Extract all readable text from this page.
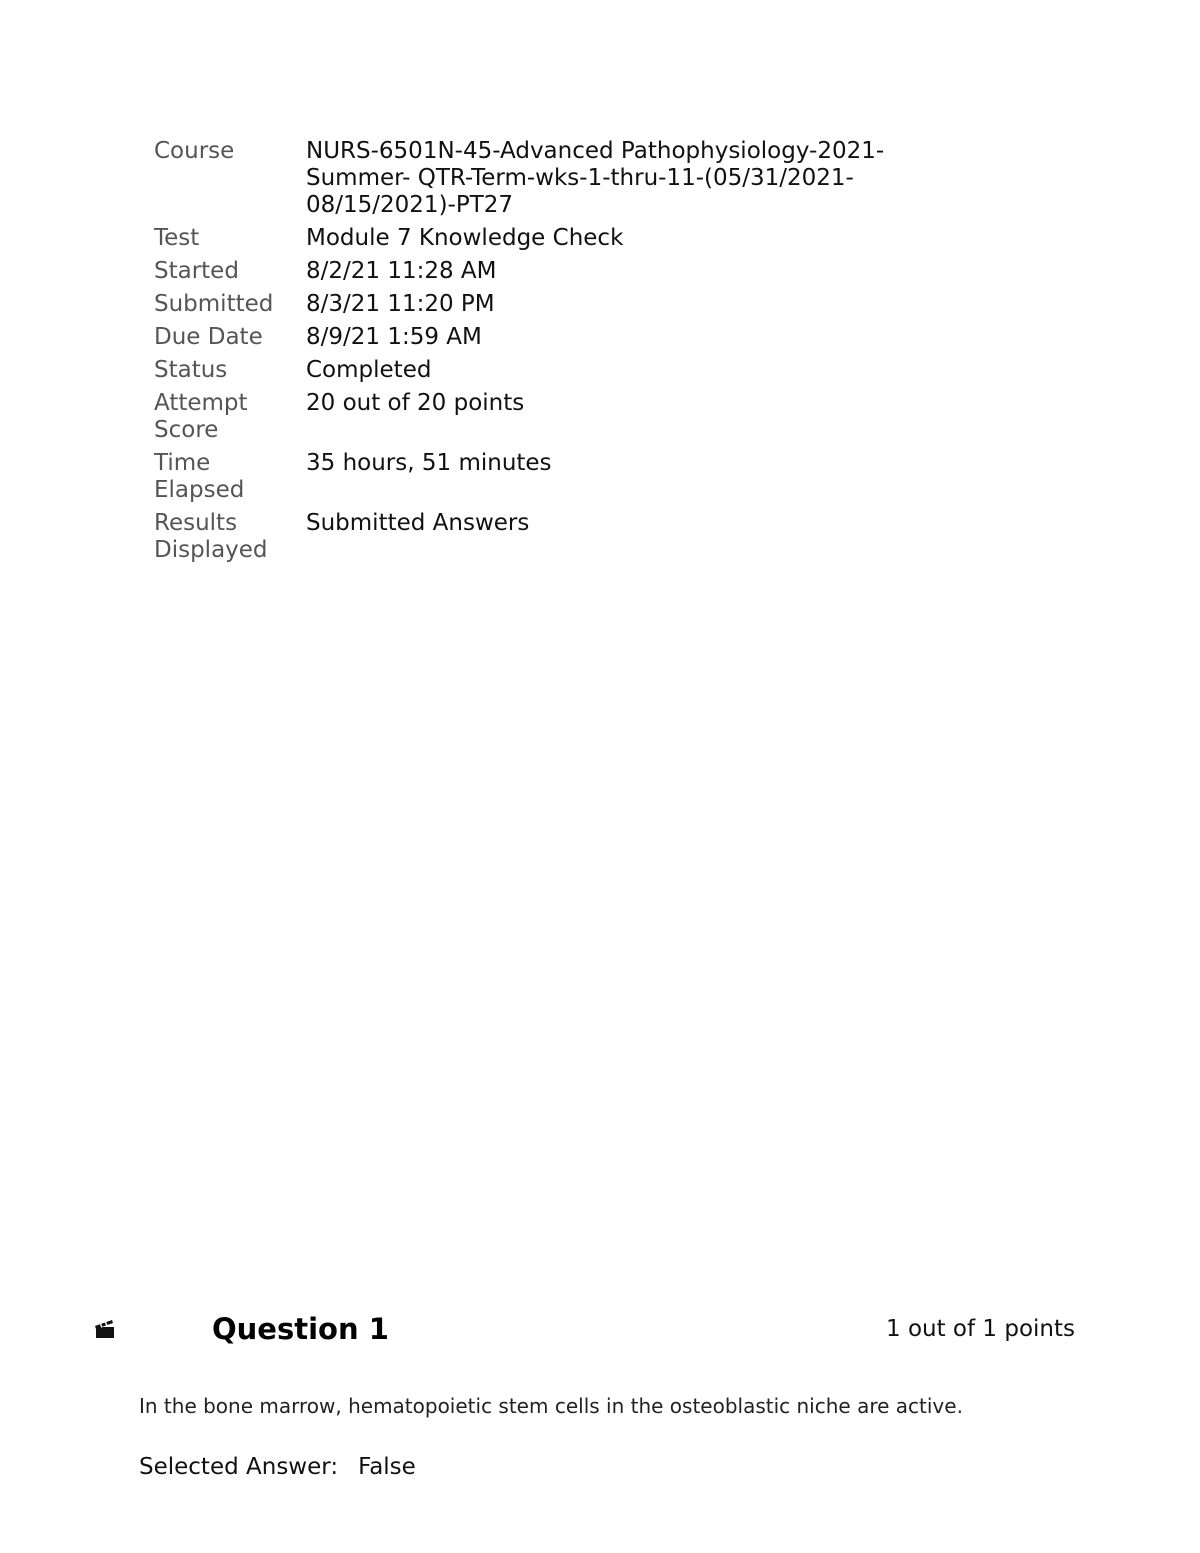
Course	NURS-6501N-45-Advanced Pathophysiology-2021-Summer- QTR-Term-wks-1-thru-11-(05/31/2021-08/15/2021)-PT27

Test	Module 7 Knowledge Check
Started	8/2/21 11:28 AM
Submitted	8/3/21 11:20 PM
Due Date	8/9/21 1:59 AM
Status	Completed
Attempt Score	20 out of 20 points
Time Elapsed	35 hours, 51 minutes
Results Displayed	Submitted Answers
Question 1	1 out of 1 points
In the bone marrow, hematopoietic stem cells in the osteoblastic niche are active.
Selected Answer: False
